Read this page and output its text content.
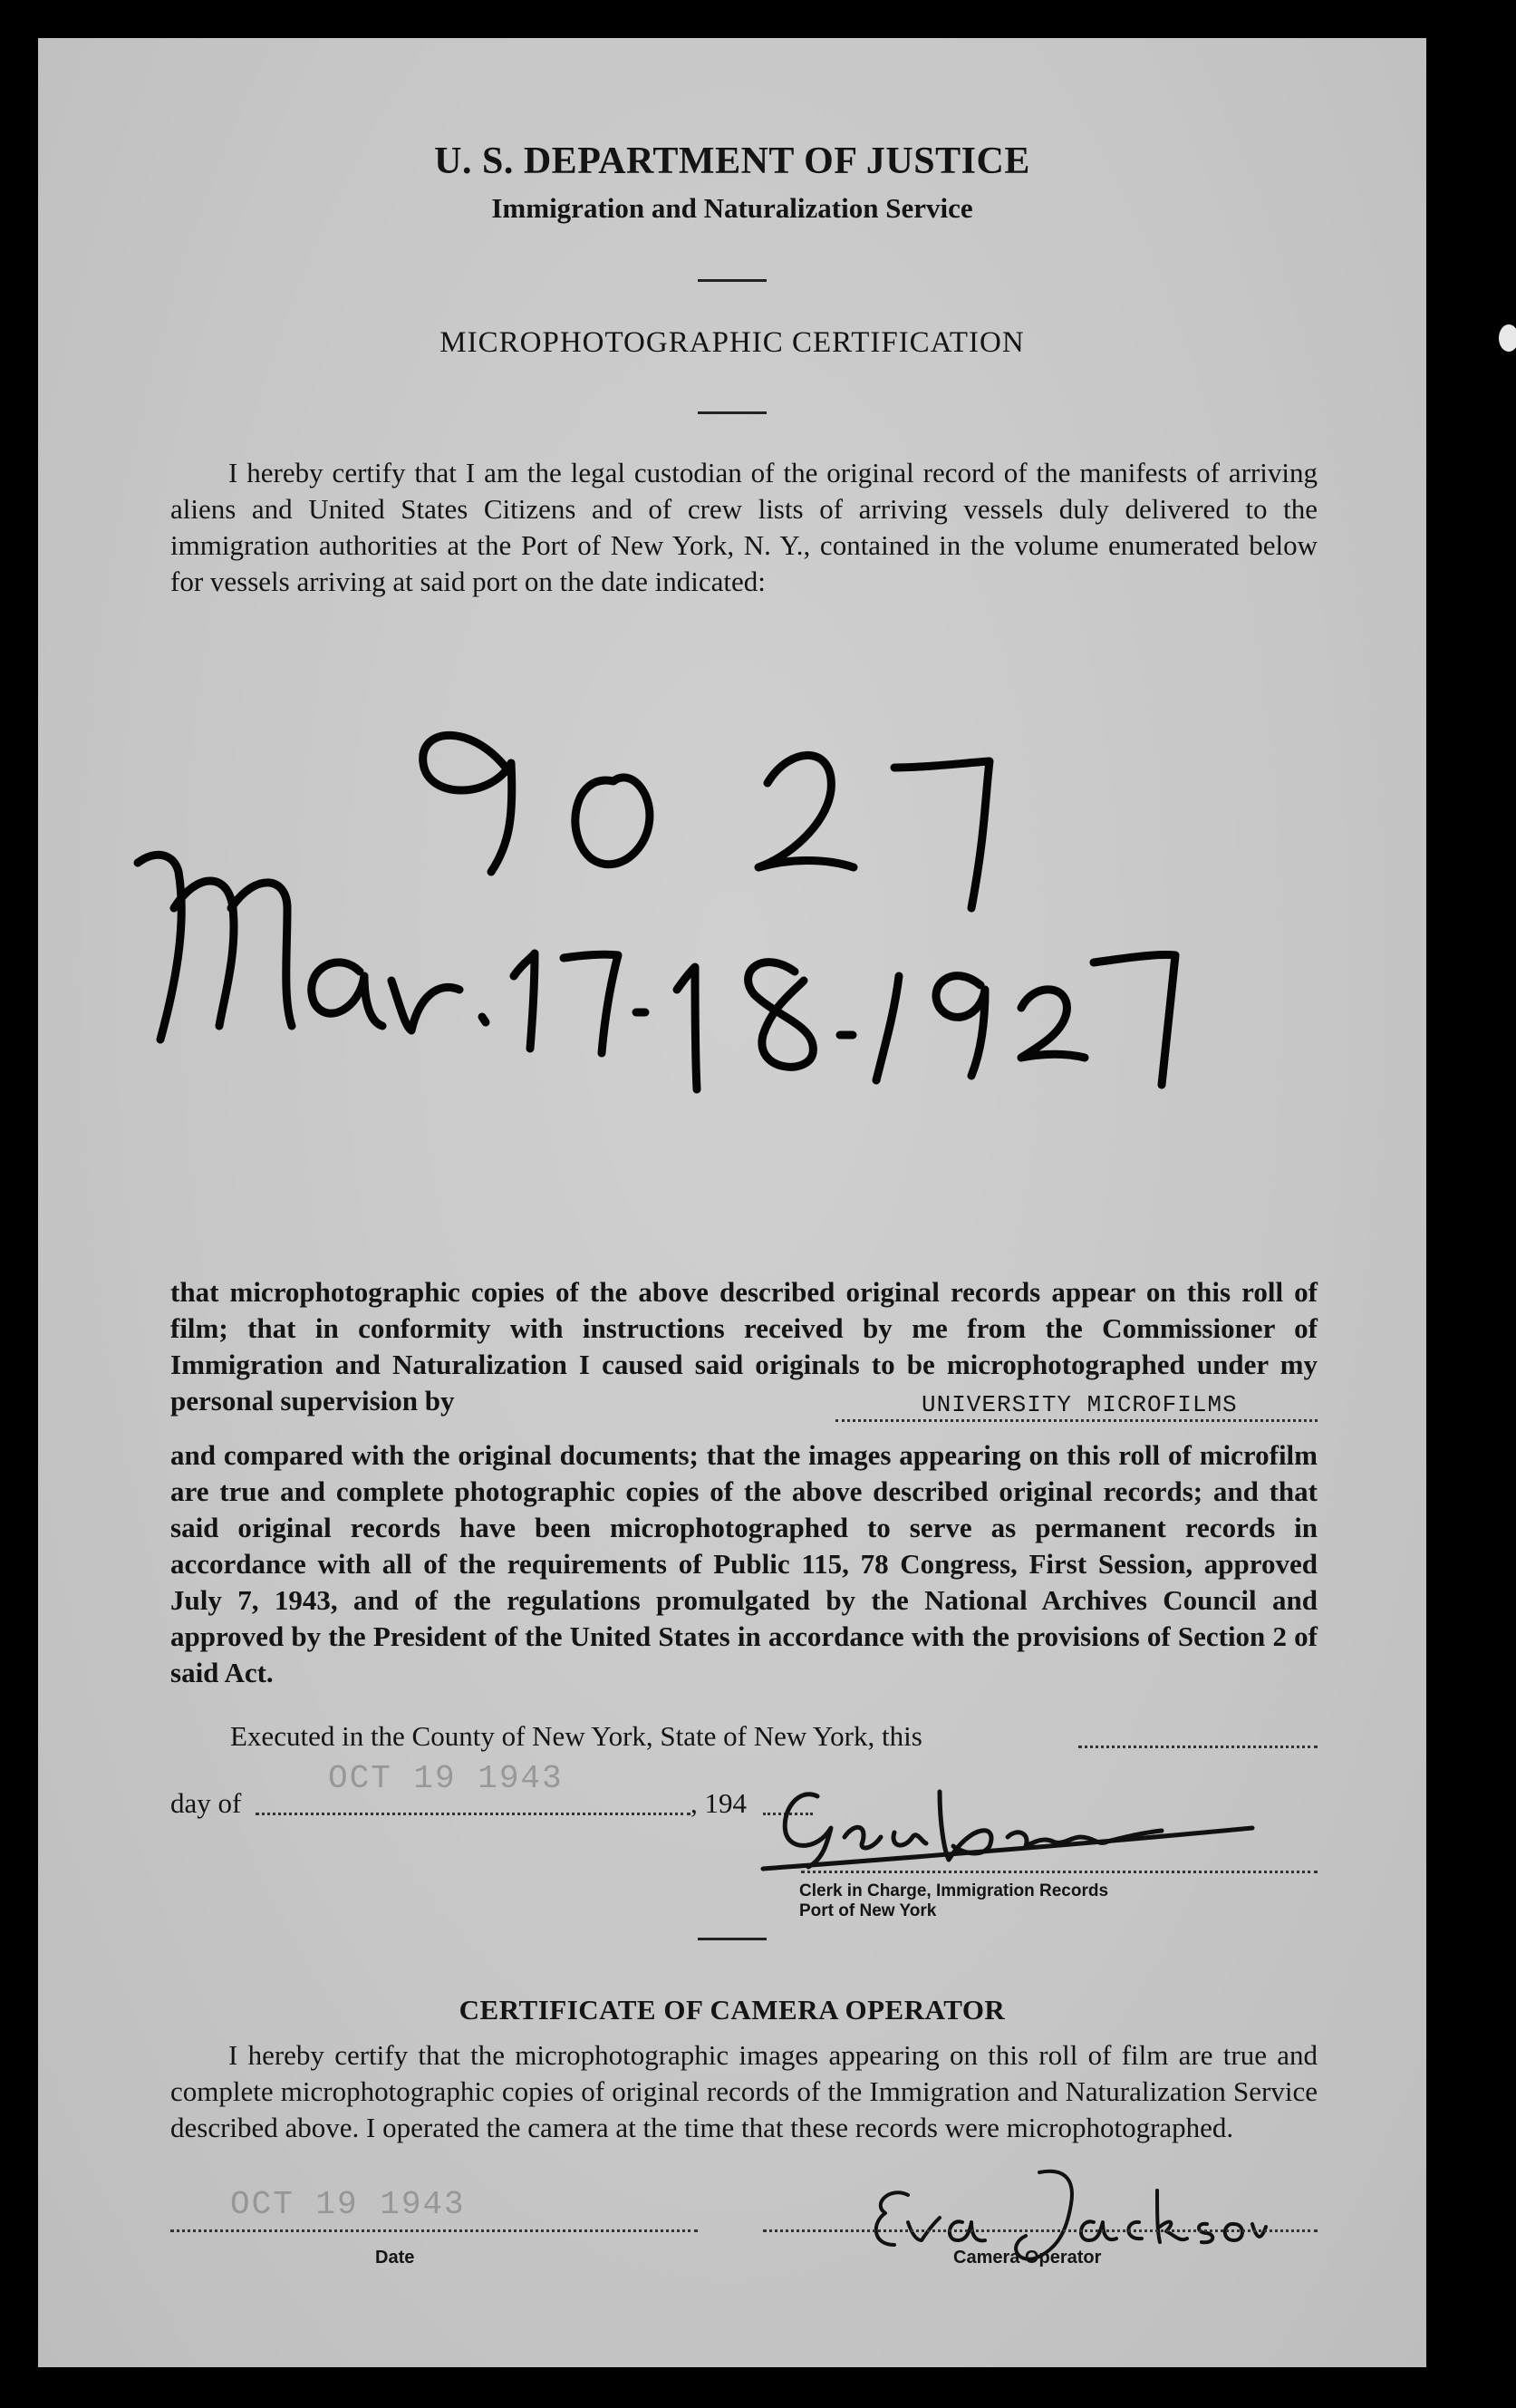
U. S. DEPARTMENT OF JUSTICE
Immigration and Naturalization Service
MICROPHOTOGRAPHIC CERTIFICATION

I hereby certify that I am the legal custodian of the original record of the manifests of arriving aliens and United States Citizens and of crew lists of arriving vessels duly delivered to the immigration authorities at the Port of New York, N. Y., contained in the volume enumerated below for vessels arriving at said port on the date indicated:

that microphotographic copies of the above described original records appear on this roll of film; that in conformity with instructions received by me from the Commissioner of Immigration and Naturalization I caused said originals to be microphotographed under my personal supervision by	UNIVERSITY MICROFILMS
and compared with the original documents; that the images appearing on this roll of microfilm are true and complete photographic copies of the above described original records; and that said original records have been microphotographed to serve as permanent records in accordance with all of the requirements of Public 115, 78 Congress, First Session, approved July 7, 1943, and of the regulations promulgated by the National Archives Council and approved by the President of the United States in accordance with the provisions of Section 2 of said Act.
Executed in the County of New York, State of New York, this
day of
OCT 19 1943
, 194
Clerk in Charge, Immigration Records
Port of New York
CERTIFICATE OF CAMERA OPERATOR

I hereby certify that the microphotographic images appearing on this roll of film are true and complete microphotographic copies of original records of the Immigration and Naturalization Service described above. I operated the camera at the time that these records were microphotographed.

OCT 19 1943
Date	Camera Operator
